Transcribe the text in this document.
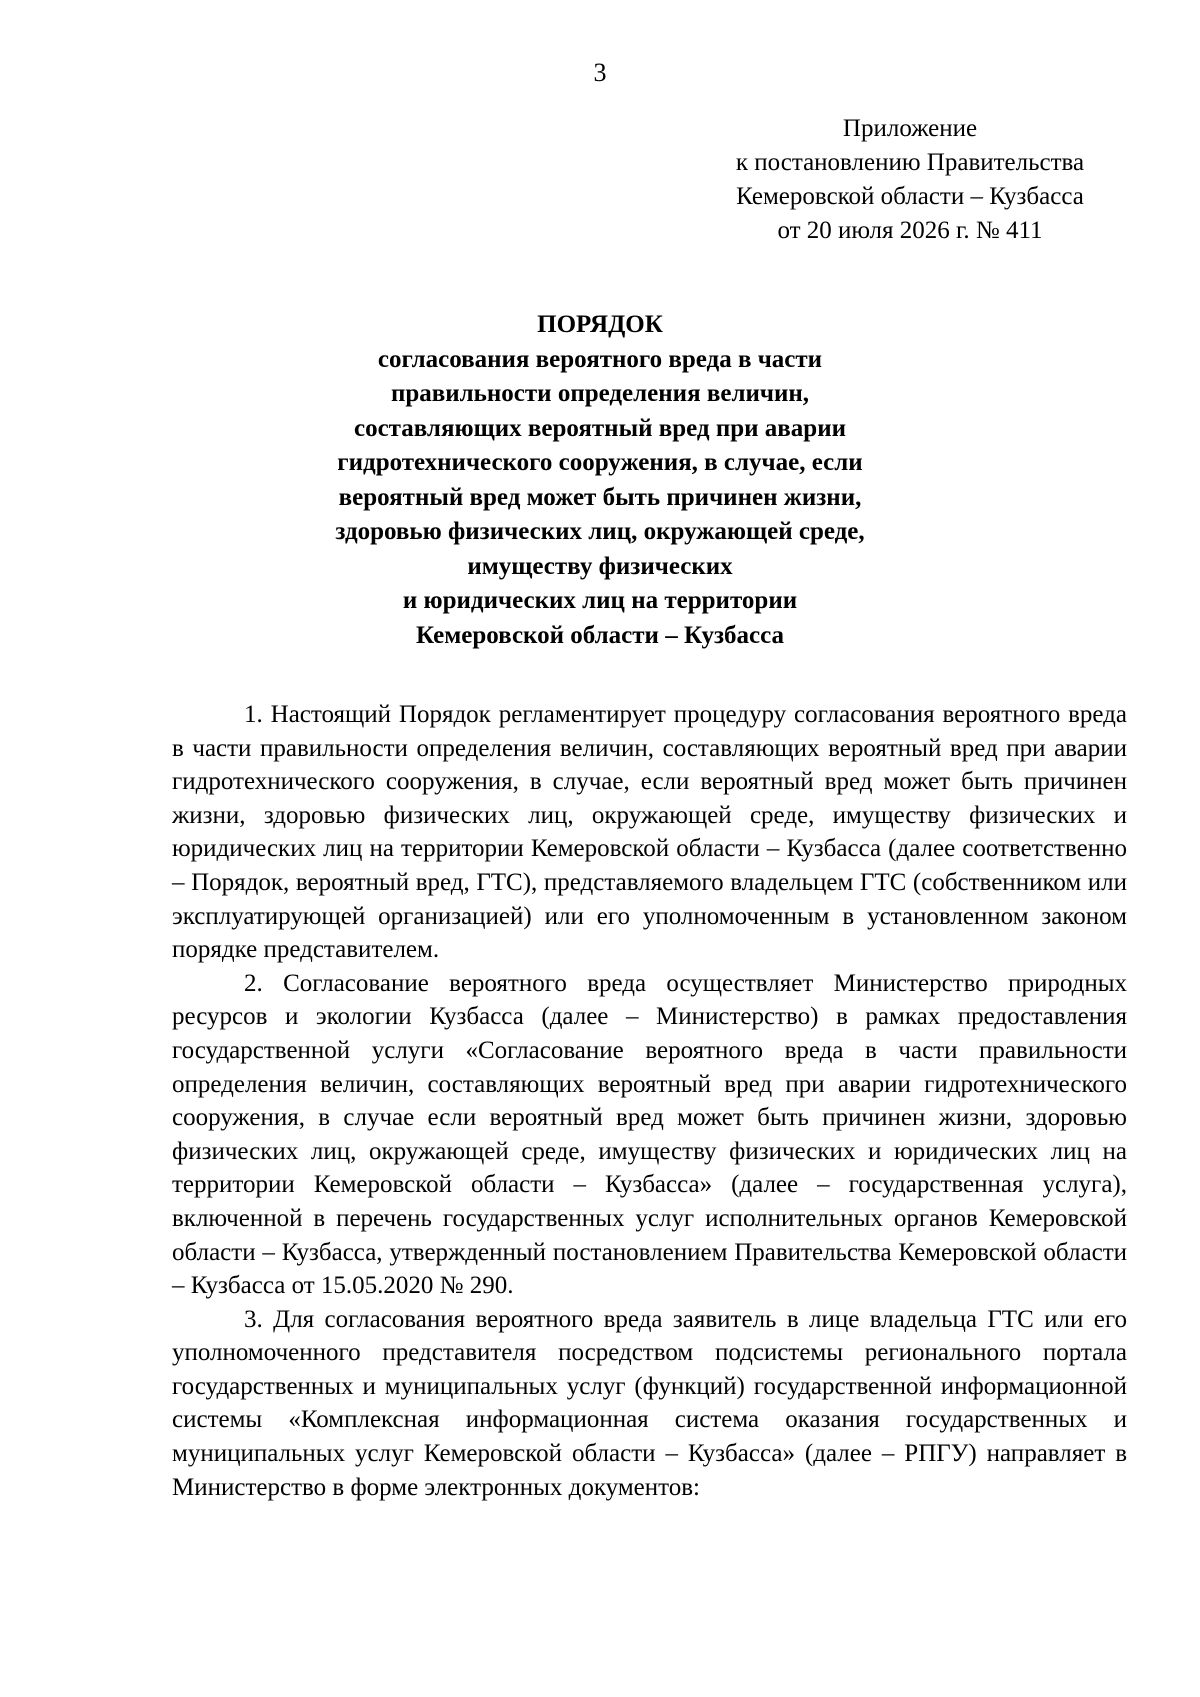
3
Приложение
к постановлению Правительства
Кемеровской области – Кузбасса
от 20 июля 2026 г. № 411
ПОРЯДОК
согласования вероятного вреда в части
правильности определения величин,
составляющих вероятный вред при аварии
гидротехнического сооружения, в случае, если
вероятный вред может быть причинен жизни,
здоровью физических лиц, окружающей среде,
имуществу физических
и юридических лиц на территории
Кемеровской области – Кузбасса

1. Настоящий Порядок регламентирует процедуру согласования вероятного вреда в части правильности определения величин, составляющих вероятный вред при аварии гидротехнического сооружения, в случае, если вероятный вред может быть причинен жизни, здоровью физических лиц, окружающей среде, имуществу физических и юридических лиц на территории Кемеровской области – Кузбасса (далее соответственно – Порядок, вероятный вред, ГТС), представляемого владельцем ГТС (собственником или эксплуатирующей организацией) или его уполномоченным в установленном законом порядке представителем.

2. Согласование вероятного вреда осуществляет Министерство природных ресурсов и экологии Кузбасса (далее – Министерство) в рамках предоставления государственной услуги «Согласование вероятного вреда в части правильности определения величин, составляющих вероятный вред при аварии гидротехнического сооружения, в случае если вероятный вред может быть причинен жизни, здоровью физических лиц, окружающей среде, имуществу физических и юридических лиц на территории Кемеровской области – Кузбасса» (далее – государственная услуга), включенной в перечень государственных услуг исполнительных органов Кемеровской области – Кузбасса, утвержденный постановлением Правительства Кемеровской области – Кузбасса от 15.05.2020 № 290.

3. Для согласования вероятного вреда заявитель в лице владельца ГТС или его уполномоченного представителя посредством подсистемы регионального портала государственных и муниципальных услуг (функций) государственной информационной системы «Комплексная информационная система оказания государственных и муниципальных услуг Кемеровской области – Кузбасса» (далее – РПГУ) направляет в Министерство в форме электронных документов:
